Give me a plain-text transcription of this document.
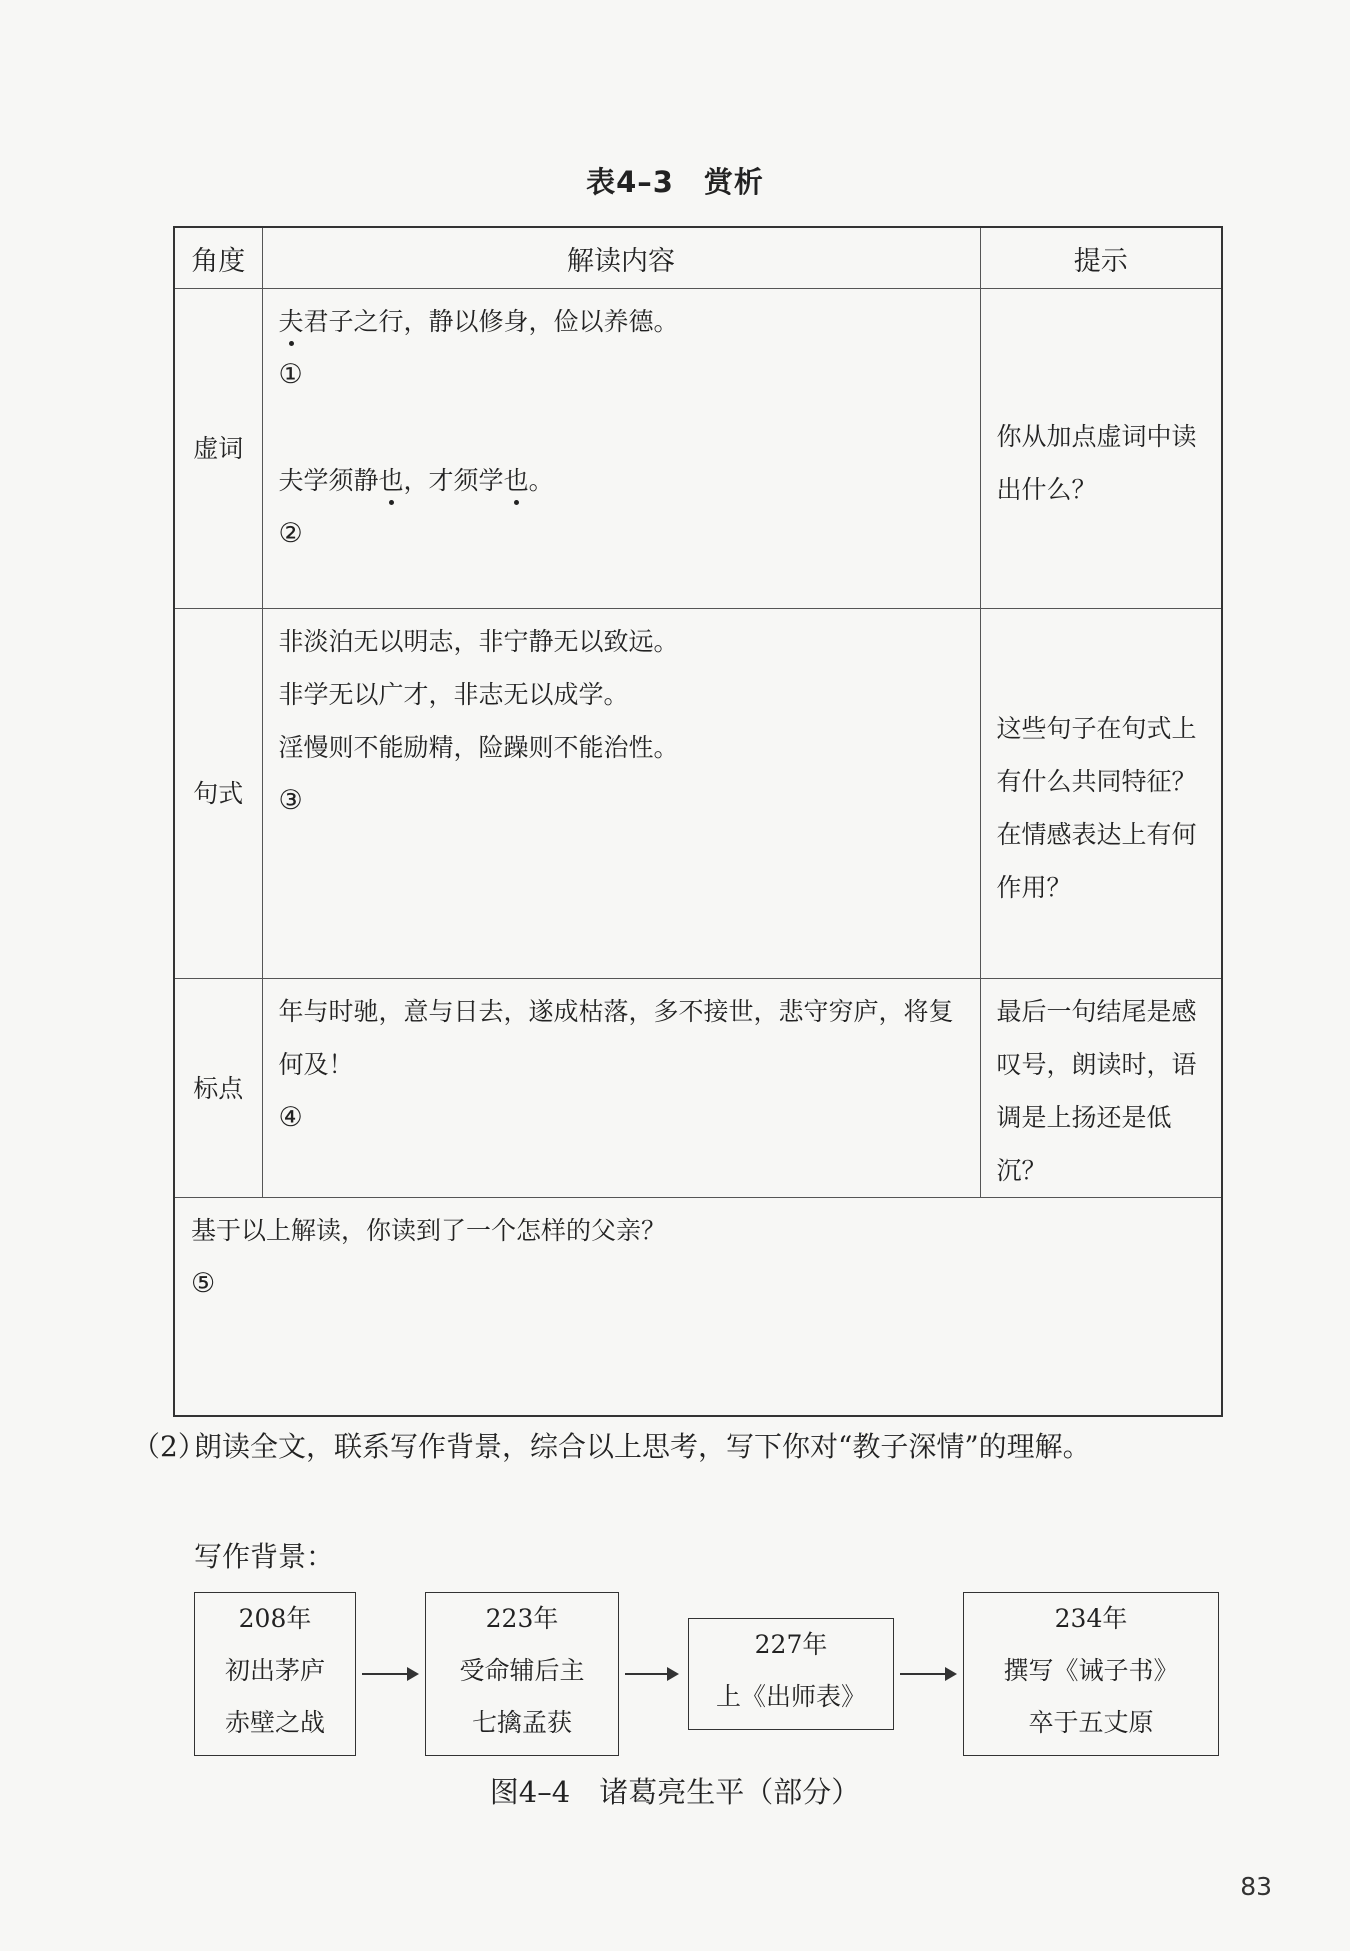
表4–3 赏析
角度	解读内容	提示
虚词	夫君子之行，静以修身，俭以养德。
①
夫学须静也，才须学也。
②	你从加点虚词中读出什么？
句式	非淡泊无以明志，非宁静无以致远。
非学无以广才，非志无以成学。
淫慢则不能励精，险躁则不能治性。
③	这些句子在句式上有什么共同特征？在情感表达上有何作用？
标点	年与时驰，意与日去，遂成枯落，多不接世，悲守穷庐，将复何及！
④	最后一句结尾是感叹号，朗读时，语调是上扬还是低沉？

基于以上解读，你读到了一个怎样的父亲？
⑤		
（2）朗读全文，联系写作背景，综合以上思考，写下你对“教子深情”的理解。
写作背景：
208年
初出茅庐
赤壁之战
223年
受命辅后主
七擒孟获
227年
上《出师表》
234年
撰写《诫子书》
卒于五丈原
图4–4　诸葛亮生平（部分）
83
